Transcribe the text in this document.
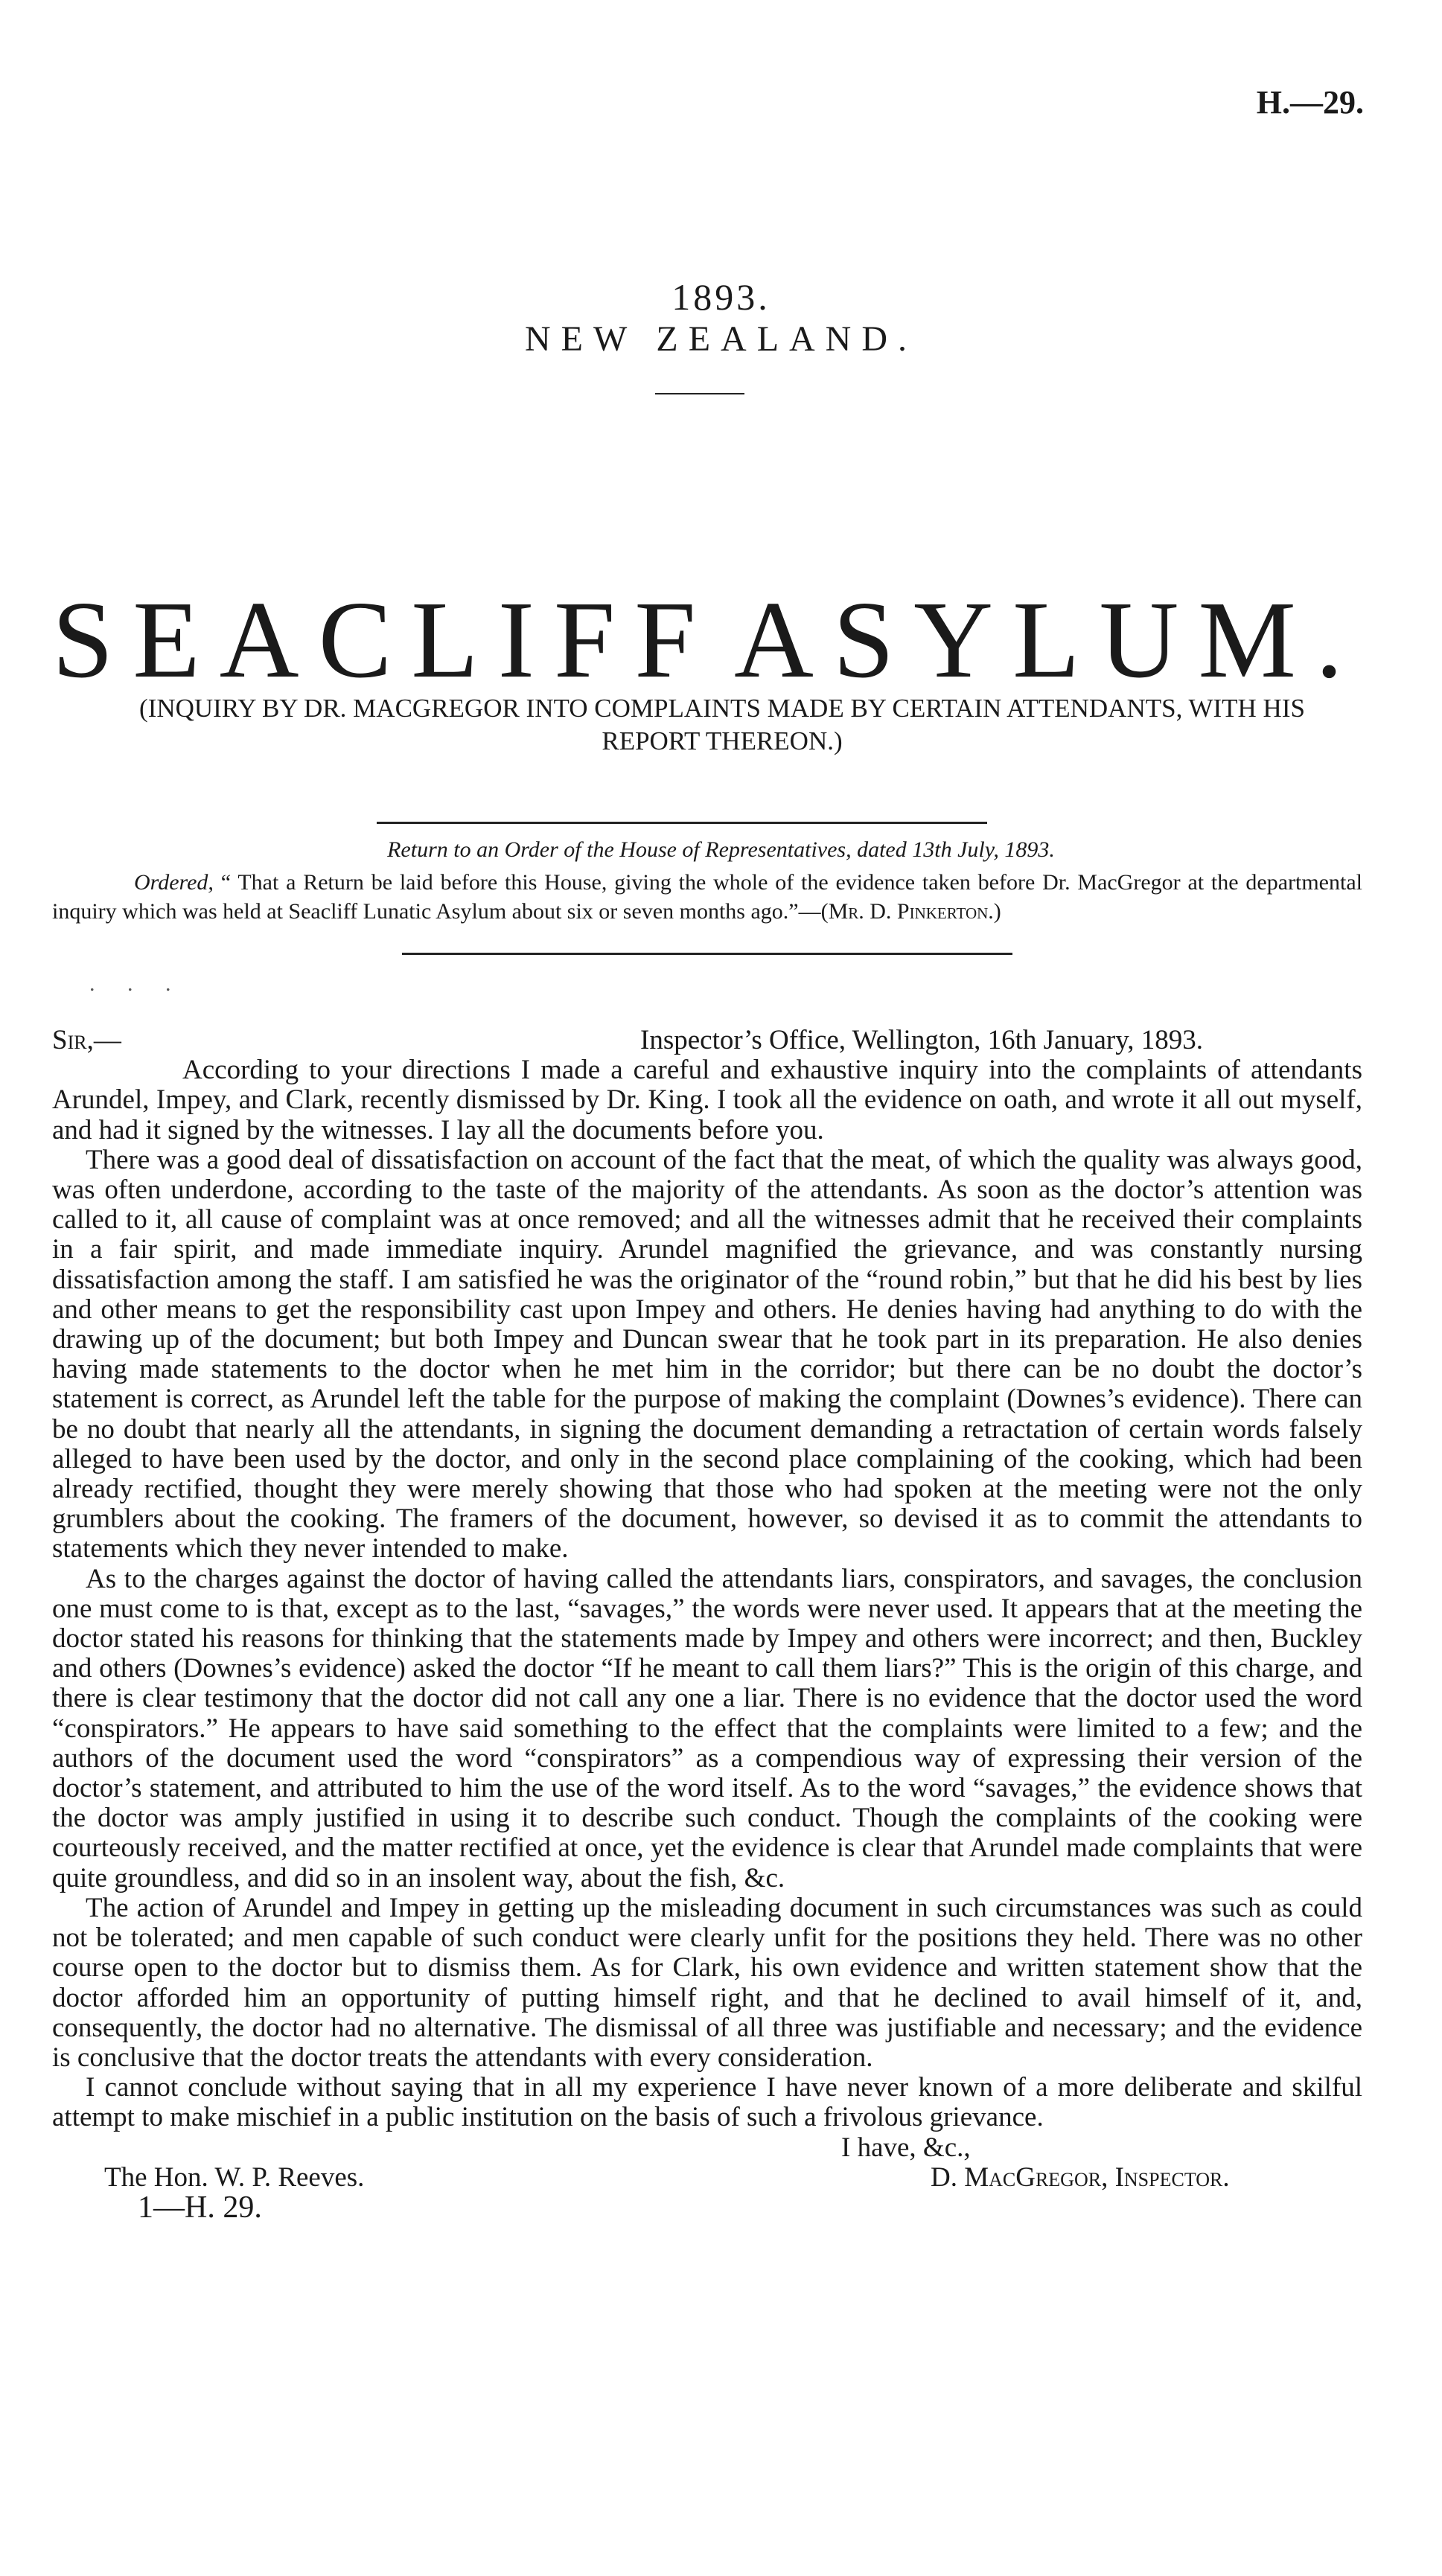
H.—29.
1893.
NEW ZEALAND.
SEACLIFF ASYLUM.
(INQUIRY BY DR. MACGREGOR INTO COMPLAINTS MADE BY CERTAIN ATTENDANTS, WITH HIS REPORT THEREON.)
Return to an Order of the House of Representatives, dated 13th July, 1893.
Ordered, “ That a Return be laid before this House, giving the whole of the evidence taken before Dr. MacGregor at the departmental inquiry which was held at Seacliff Lunatic Asylum about six or seven months ago.”—(Mr. D. Pinkerton.)
. . .
Sir,—	Inspector’s Office, Wellington, 16th January, 1893.

According to your directions I made a careful and exhaustive inquiry into the complaints of attendants Arundel, Impey, and Clark, recently dismissed by Dr. King. I took all the evidence on oath, and wrote it all out myself, and had it signed by the witnesses. I lay all the documents before you.

There was a good deal of dissatisfaction on account of the fact that the meat, of which the quality was always good, was often underdone, according to the taste of the majority of the attendants. As soon as the doctor’s attention was called to it, all cause of complaint was at once removed; and all the witnesses admit that he received their complaints in a fair spirit, and made immediate inquiry. Arundel magnified the grievance, and was constantly nursing dissatisfaction among the staff. I am satisfied he was the originator of the “round robin,” but that he did his best by lies and other means to get the responsibility cast upon Impey and others. He denies having had anything to do with the drawing up of the document; but both Impey and Duncan swear that he took part in its preparation. He also denies having made statements to the doctor when he met him in the corridor; but there can be no doubt the doctor’s statement is correct, as Arundel left the table for the purpose of making the complaint (Downes’s evidence). There can be no doubt that nearly all the attendants, in signing the document demanding a retractation of certain words falsely alleged to have been used by the doctor, and only in the second place complaining of the cooking, which had been already rectified, thought they were merely showing that those who had spoken at the meeting were not the only grumblers about the cooking. The framers of the document, however, so devised it as to commit the attendants to statements which they never intended to make.

As to the charges against the doctor of having called the attendants liars, conspirators, and savages, the conclusion one must come to is that, except as to the last, “savages,” the words were never used. It appears that at the meeting the doctor stated his reasons for thinking that the statements made by Impey and others were incorrect; and then, Buckley and others (Downes’s evidence) asked the doctor “If he meant to call them liars?” This is the origin of this charge, and there is clear testimony that the doctor did not call any one a liar. There is no evidence that the doctor used the word “conspirators.” He appears to have said something to the effect that the complaints were limited to a few; and the authors of the document used the word “conspirators” as a compendious way of expressing their version of the doctor’s statement, and attributed to him the use of the word itself. As to the word “savages,” the evidence shows that the doctor was amply justified in using it to describe such conduct. Though the complaints of the cooking were courteously received, and the matter rectified at once, yet the evidence is clear that Arundel made complaints that were quite groundless, and did so in an insolent way, about the fish, &c.

The action of Arundel and Impey in getting up the misleading document in such circumstances was such as could not be tolerated; and men capable of such conduct were clearly unfit for the positions they held. There was no other course open to the doctor but to dismiss them. As for Clark, his own evidence and written statement show that the doctor afforded him an opportunity of putting himself right, and that he declined to avail himself of it, and, consequently, the doctor had no alternative. The dismissal of all three was justifiable and necessary; and the evidence is conclusive that the doctor treats the attendants with every consideration.

I cannot conclude without saying that in all my experience I have never known of a more deliberate and skilful attempt to make mischief in a public institution on the basis of such a frivolous grievance.

I have, &c.,
The Hon. W. P. Reeves.	D. MacGregor, Inspector.
1—H. 29.
